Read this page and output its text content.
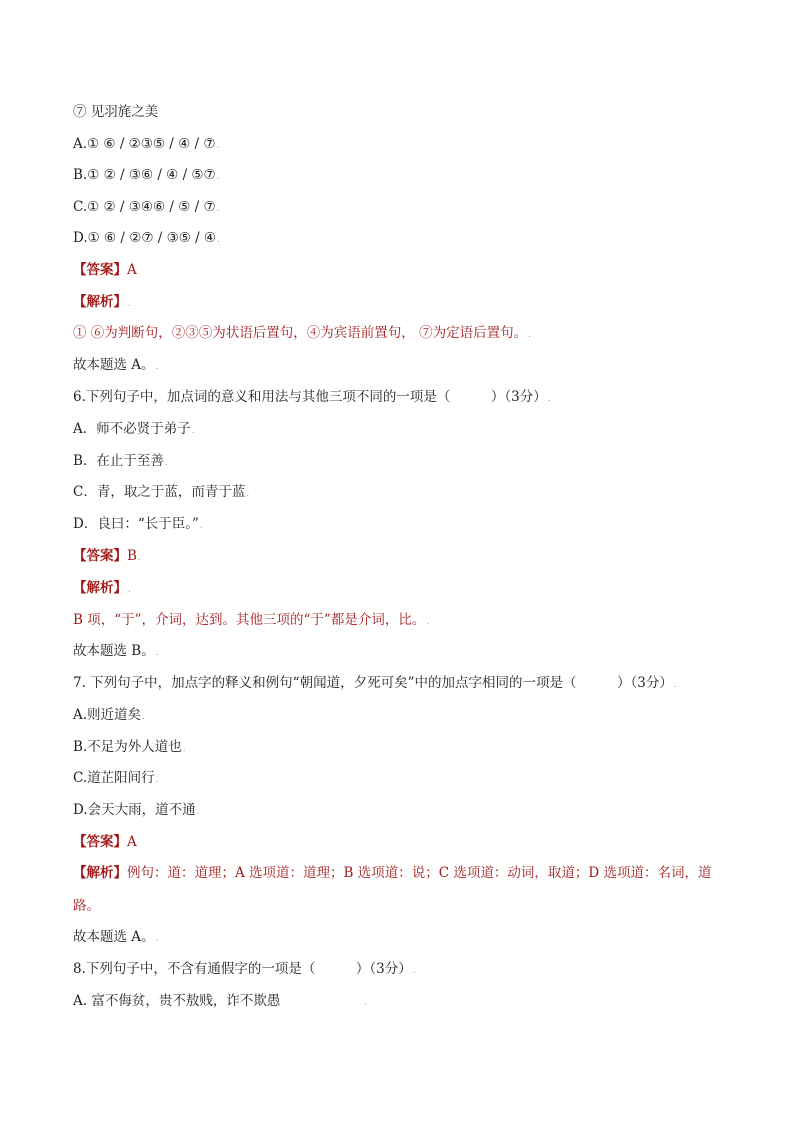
⑦ 见羽旄之美
A.① ⑥ / ②③⑤ / ④ / ⑦.
B.① ② / ③⑥ / ④ / ⑤⑦.
C.① ② / ③④⑥ / ⑤ / ⑦.
D.① ⑥ / ②⑦ / ③⑤ / ④.
【答案】A
【解析】.
① ⑥为判断句，②③⑤为状语后置句，④为宾语前置句， ⑦为定语后置句。.
故本题选 A。.
6.下列句子中，加点词的意义和用法与其他三项不同的一项是（　　　）（3分）.
A．师不必贤于弟子.
B．在止于至善.
C．青，取之于蓝，而青于蓝.
D．良曰：“长于臣。”.
【答案】B.
【解析】.
B 项，“于”，介词，达到。其他三项的“于”都是介词，比。.
故本题选 B。.
7. 下列句子中，加点字的释义和例句“朝闻道，夕死可矣”中的加点字相同的一项是（　　　）（3分）.
A.则近道矣.
B.不足为外人道也.
C.道芷阳间行.
D.会天大雨，道不通.
【答案】A
【解析】例句：道：道理；A 选项道：道理；B 选项道：说；C 选项道：动词，取道；D 选项道：名词，道路。
故本题选 A。.
8.下列句子中，不含有通假字的一项是（　　　）（3分）.
A. 富不侮贫，贵不敖贱，诈不欺愚	.
